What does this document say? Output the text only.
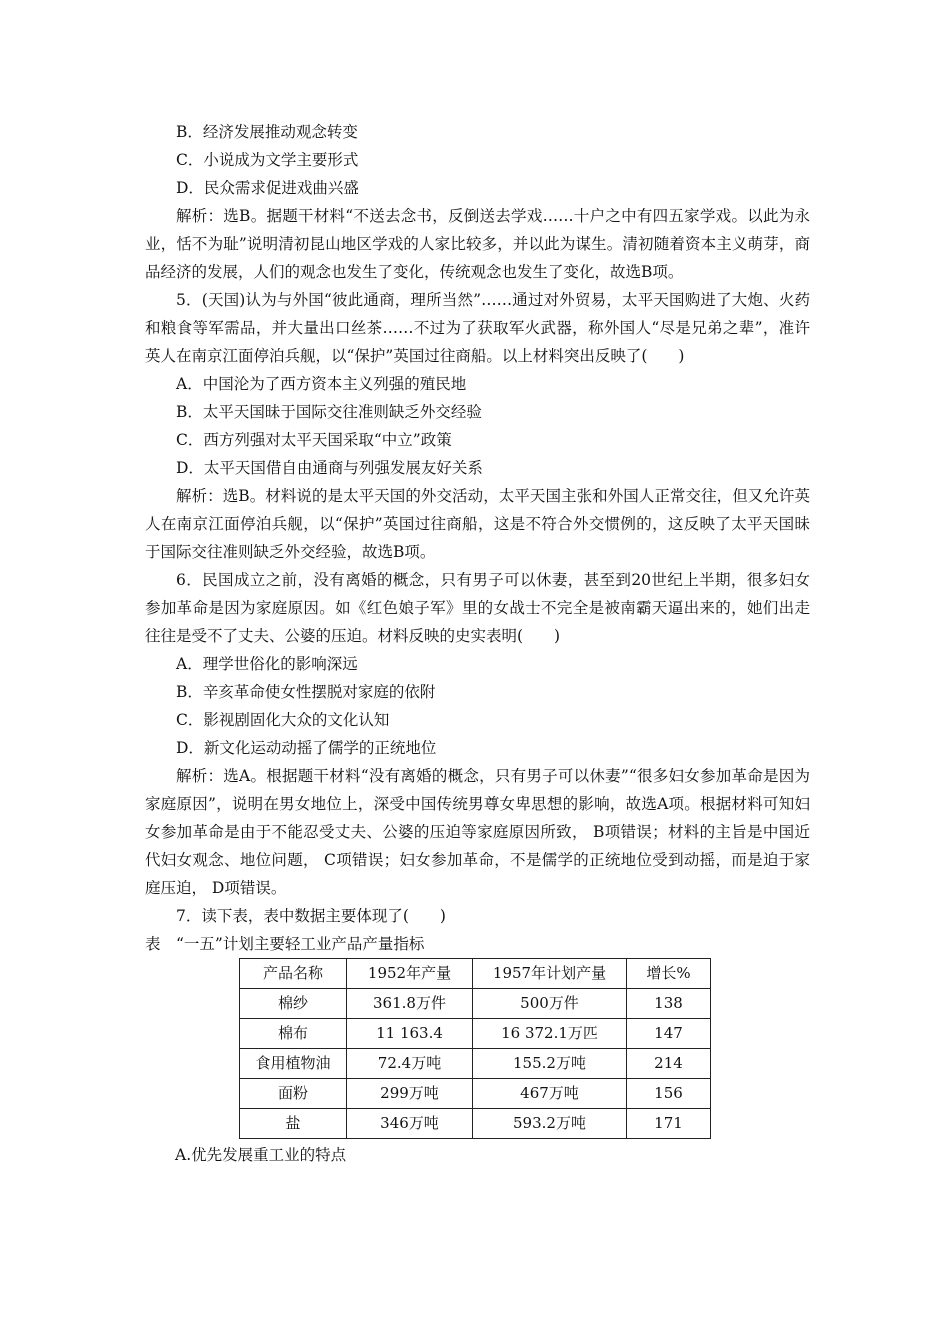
B．经济发展推动观念转变
C．小说成为文学主要形式
D．民众需求促进戏曲兴盛

解析：选B。据题干材料“不送去念书，反倒送去学戏……十户之中有四五家学戏。以此为永业，恬不为耻”说明清初昆山地区学戏的人家比较多，并以此为谋生。清初随着资本主义萌芽，商品经济的发展，人们的观念也发生了变化，传统观念也发生了变化，故选B项。

5．(天国)认为与外国“彼此通商，理所当然”……通过对外贸易，太平天国购进了大炮、火药和粮食等军需品，并大量出口丝茶……不过为了获取军火武器，称外国人“尽是兄弟之辈”，准许英人在南京江面停泊兵舰，以“保护”英国过往商船。以上材料突出反映了(　　)

A．中国沦为了西方资本主义列强的殖民地
B．太平天国昧于国际交往准则缺乏外交经验
C．西方列强对太平天国采取“中立”政策
D．太平天国借自由通商与列强发展友好关系

解析：选B。材料说的是太平天国的外交活动，太平天国主张和外国人正常交往，但又允许英人在南京江面停泊兵舰，以“保护”英国过往商船，这是不符合外交惯例的，这反映了太平天国昧于国际交往准则缺乏外交经验，故选B项。

6．民国成立之前，没有离婚的概念，只有男子可以休妻，甚至到20世纪上半期，很多妇女参加革命是因为家庭原因。如《红色娘子军》里的女战士不完全是被南霸天逼出来的，她们出走往往是受不了丈夫、公婆的压迫。材料反映的史实表明(　　)

A．理学世俗化的影响深远
B．辛亥革命使女性摆脱对家庭的依附
C．影视剧固化大众的文化认知
D．新文化运动动摇了儒学的正统地位

解析：选A。根据题干材料“没有离婚的概念，只有男子可以休妻”“很多妇女参加革命是因为家庭原因”，说明在男女地位上，深受中国传统男尊女卑思想的影响，故选A项。根据材料可知妇女参加革命是由于不能忍受丈夫、公婆的压迫等家庭原因所致， B项错误；材料的主旨是中国近代妇女观念、地位问题， C项错误；妇女参加革命，不是儒学的正统地位受到动摇，而是迫于家庭压迫， D项错误。

7．读下表，表中数据主要体现了(　　)
表　“一五”计划主要轻工业产品产量指标
产品名称	1952年产量	1957年计划产量	增长%
棉纱	361.8万件	500万件	138
棉布	11 163.4	16 372.1万匹	147
食用植物油	72.4万吨	155.2万吨	214
面粉	299万吨	467万吨	156
盐	346万吨	593.2万吨	171
A.优先发展重工业的特点
